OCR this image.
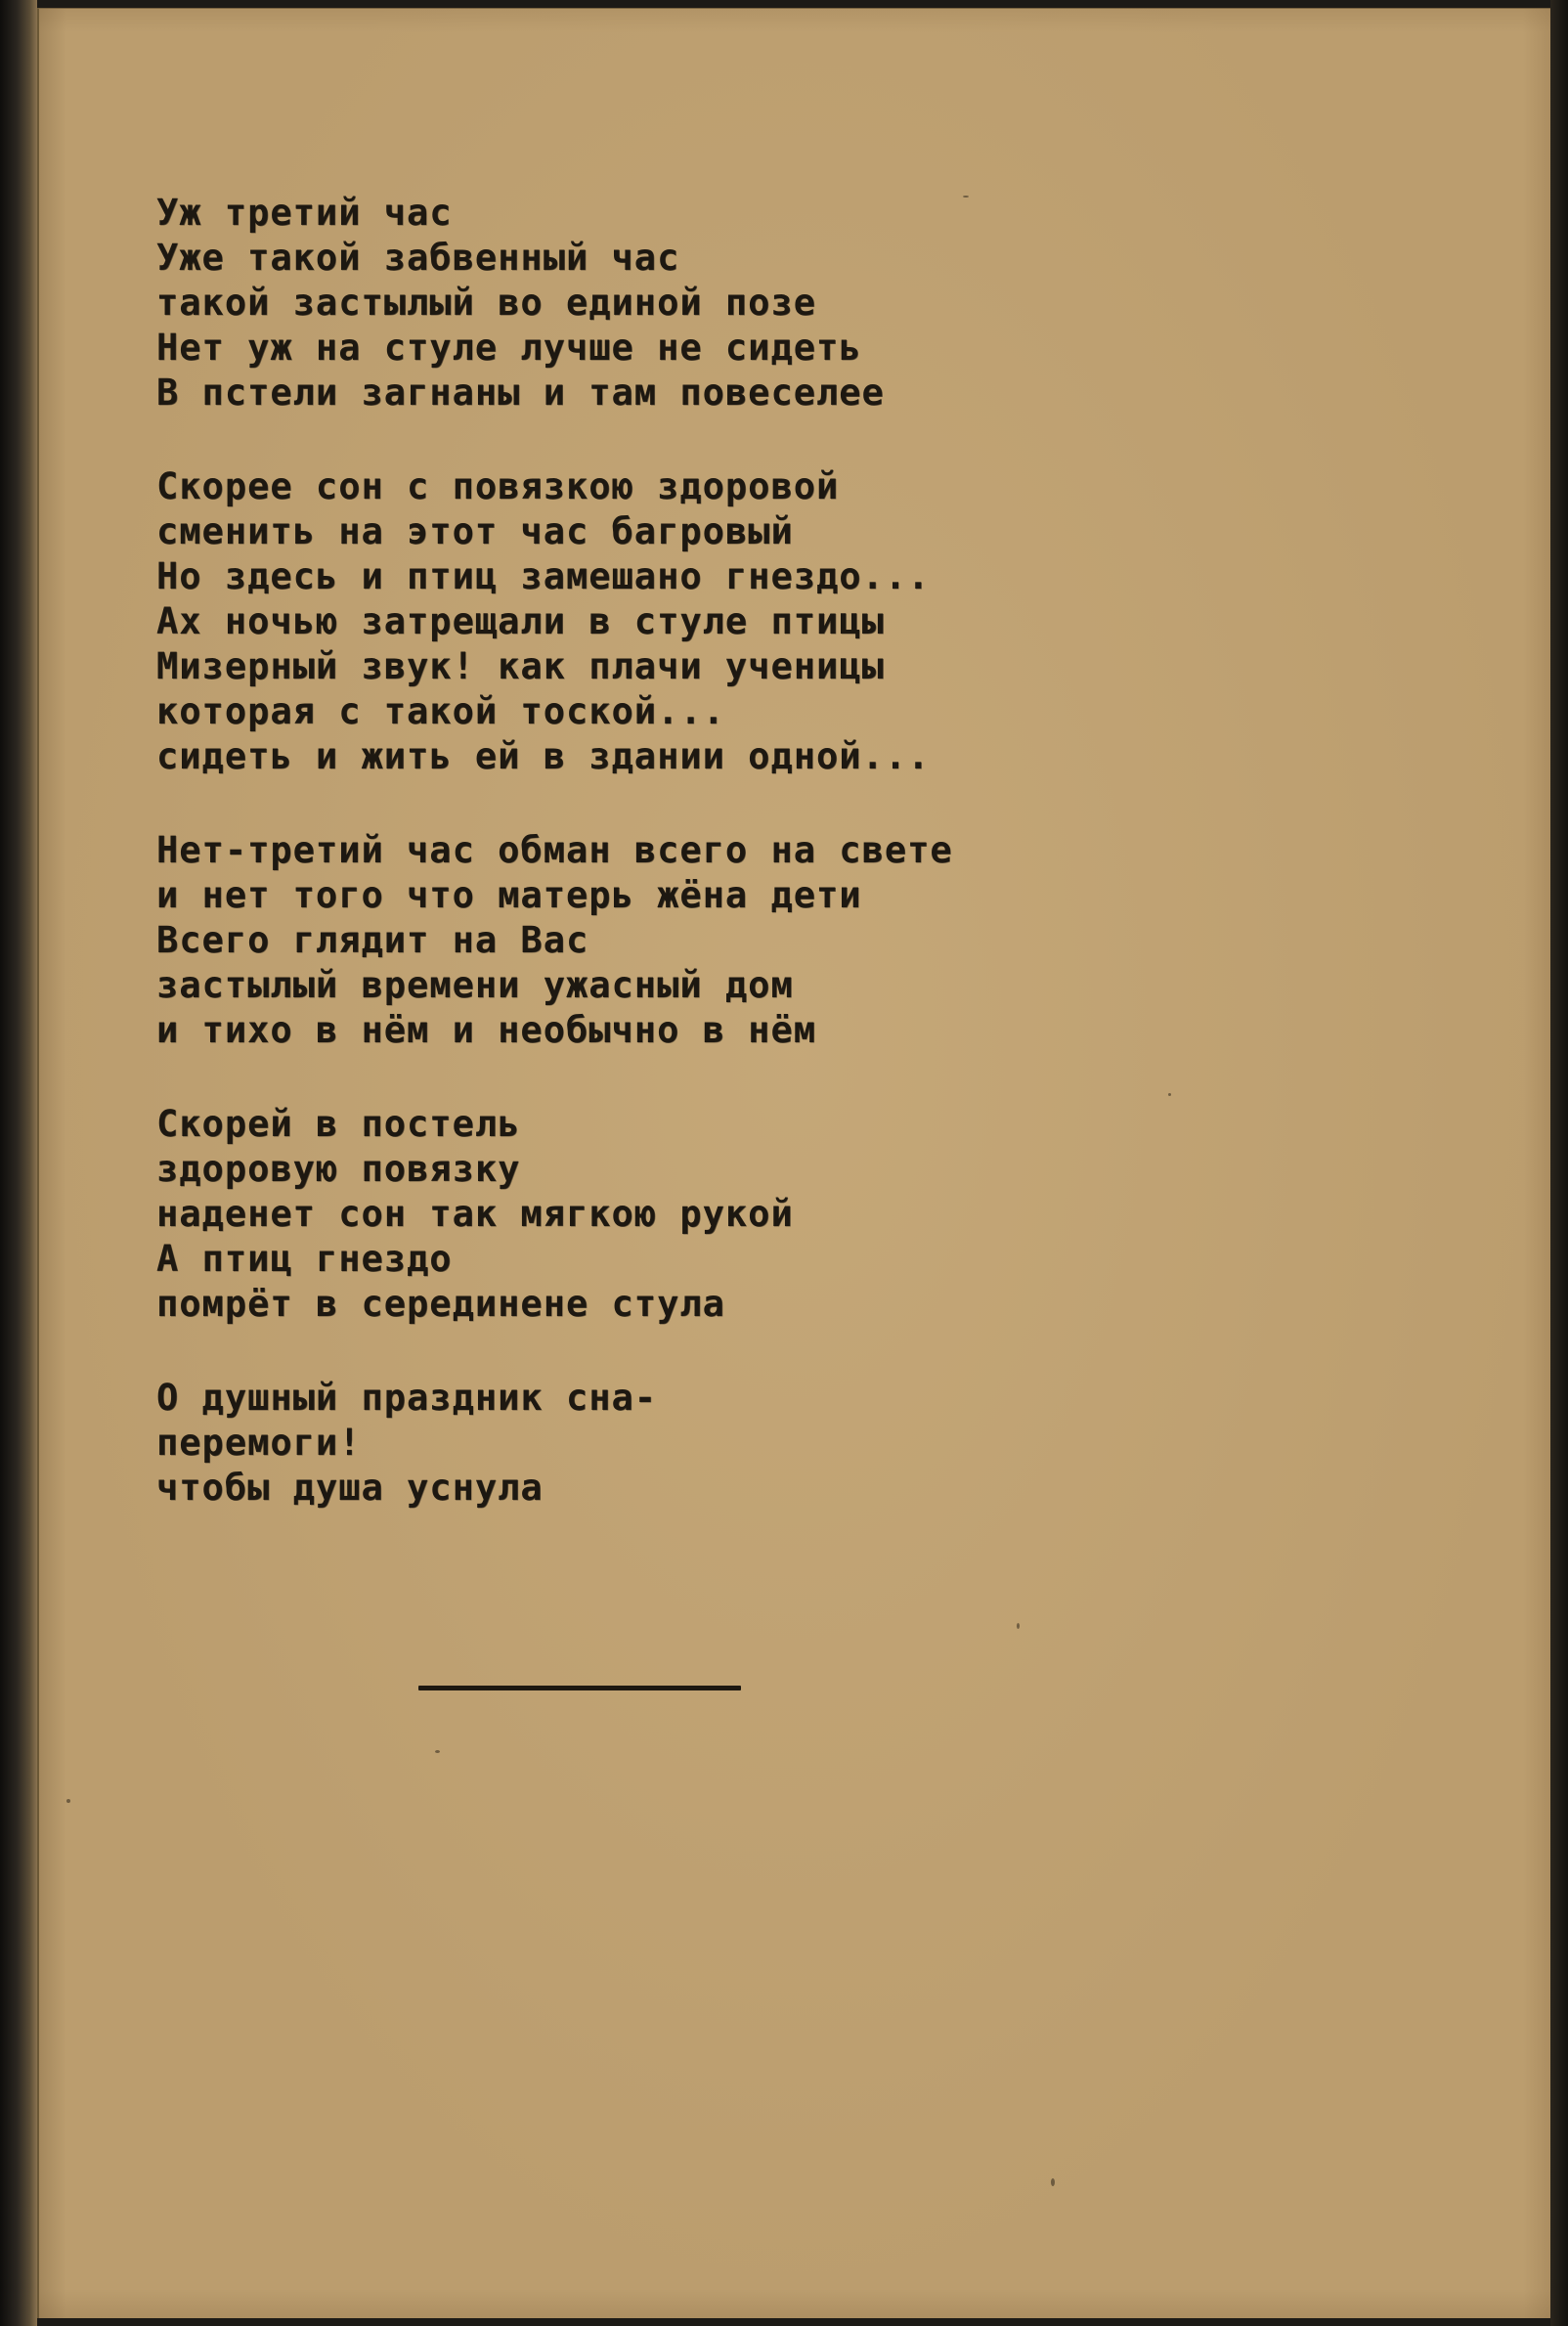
Уж третий час
Уже такой забвенный час
такой застылый во единой позе
Нет уж на стуле лучше не сидеть
В пстели загнаны и там повеселее
Скорее сон с повязкою здоровой
сменить на этот час багровый
Но здесь и птиц замешано гнездо...
Ах ночью затрещали в стуле птицы
Мизерный звук! как плачи ученицы
которая с такой тоской...
сидеть и жить ей в здании одной...
Нет-третий час обман всего на свете
и нет того что матерь жёна дети
Всего глядит на Вас
застылый времени ужасный дом
и тихо в нём и необычно в нём
Скорей в постель
здоровую повязку
наденет сон так мягкою рукой
А птиц гнездо
помрёт в серединене стула
О душный праздник сна-
перемоги!
чтобы душа уснула
